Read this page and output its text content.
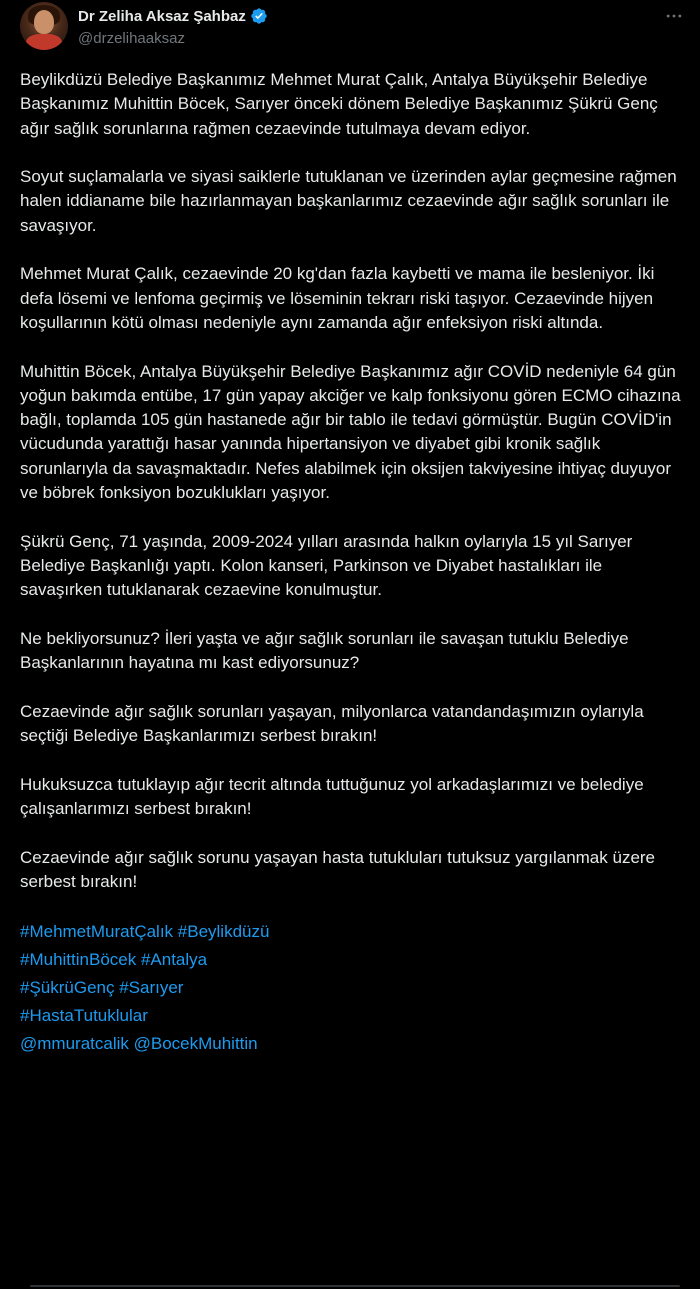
Dr Zeliha Aksaz Şahbaz
@drzelihaaksaz

Beylikdüzü Belediye Başkanımız Mehmet Murat Çalık, Antalya Büyükşehir Belediye Başkanımız Muhittin Böcek, Sarıyer önceki dönem Belediye Başkanımız Şükrü Genç ağır sağlık sorunlarına rağmen cezaevinde tutulmaya devam ediyor.

Soyut suçlamalarla ve siyasi saiklerle tutuklanan ve üzerinden aylar geçmesine rağmen halen iddianame bile hazırlanmayan başkanlarımız cezaevinde ağır sağlık sorunları ile savaşıyor.

Mehmet Murat Çalık, cezaevinde 20 kg'dan fazla kaybetti ve mama ile besleniyor. İki defa lösemi ve lenfoma geçirmiş ve löseminin tekrarı riski taşıyor. Cezaevinde hijyen koşullarının kötü olması nedeniyle aynı zamanda ağır enfeksiyon riski altında.

Muhittin Böcek, Antalya Büyükşehir Belediye Başkanımız ağır COVİD nedeniyle 64 gün yoğun bakımda entübe, 17 gün yapay akciğer ve kalp fonksiyonu gören ECMO cihazına bağlı, toplamda 105 gün hastanede ağır bir tablo ile tedavi görmüştür. Bugün COVİD'in vücudunda yarattığı hasar yanında hipertansiyon ve diyabet gibi kronik sağlık sorunlarıyla da savaşmaktadır. Nefes alabilmek için oksijen takviyesine ihtiyaç duyuyor ve böbrek fonksiyon bozuklukları yaşıyor.

Şükrü Genç, 71 yaşında, 2009-2024 yılları arasında halkın oylarıyla 15 yıl Sarıyer Belediye Başkanlığı yaptı. Kolon kanseri, Parkinson ve Diyabet hastalıkları ile savaşırken tutuklanarak cezaevine konulmuştur.

Ne bekliyorsunuz? İleri yaşta ve ağır sağlık sorunları ile savaşan tutuklu Belediye Başkanlarının hayatına mı kast ediyorsunuz?

Cezaevinde ağır sağlık sorunları yaşayan, milyonlarca vatandandaşımızın oylarıyla seçtiği Belediye Başkanlarımızı serbest bırakın!

Hukuksuzca tutuklayıp ağır tecrit altında tuttuğunuz yol arkadaşlarımızı ve belediye çalışanlarımızı serbest bırakın!

Cezaevinde ağır sağlık sorunu yaşayan hasta tutukluları tutuksuz yargılanmak üzere serbest bırakın!

#MehmetMuratÇalık #Beylikdüzü
#MuhittinBöcek #Antalya
#ŞükrüGenç #Sarıyer
#HastaTutuklular
@mmuratcalik @BocekMuhittin
